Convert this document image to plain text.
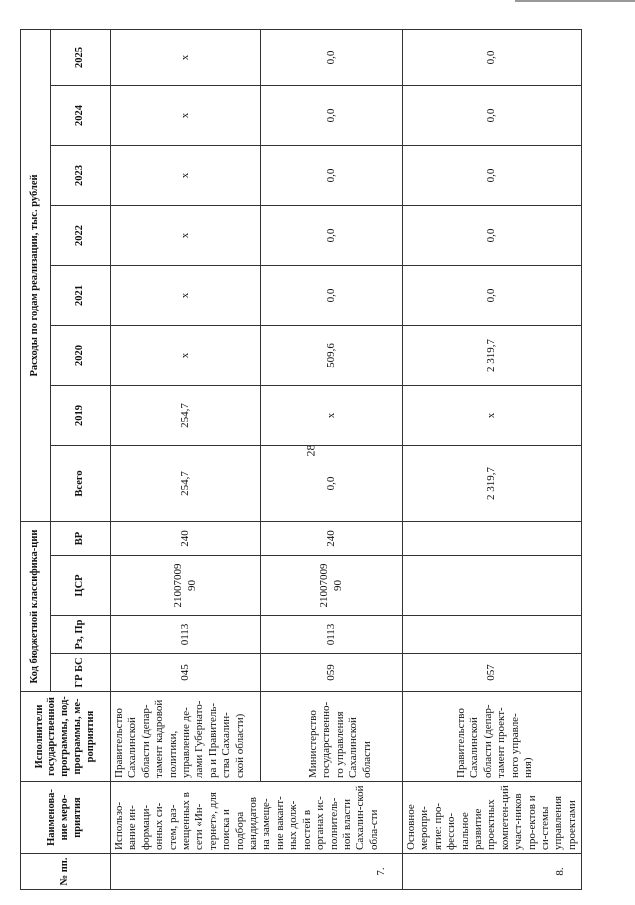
28
№ пп.	Наименова-ние меро-приятия	Исполнители государственной программы, под-программы, ме-роприятия	Код бюджетной классифика-ции				Расходы по годам реализации, тыс. рублей							
			ГР БС	Рз, Пр	ЦСР	ВР	Всего	2019	2020	2021	2022	2023	2024	2025
7.	Использо-вание ин-формаци-онных си-стем, раз-мещенных в сети «Ин-тернет», для поиска и подбора кандидатов на замеще-ние вакант-ных долж-ностей в органах ис-полнитель-ной власти Сахалин-ской обла-сти	Правительство Сахалинской области (депар-тамент кадровой политики, управление де-лами Губернато-ра и Правитель-ства Сахалин-ской области)	045	0113	21007009 90	240	254,7	254,7	х	х	х	х	х	х
		Министерство государственно-го управления Сахалинской области	059	0113	21007009 90	240	0,0	х	509,6	0,0	0,0	0,0	0,0	0,0
8.	Основное меропри-ятие: про-фессио-нальное развитие проектных компетен-ций участ-ников про-ектов и си-стемы управления проектами	Правительство Сахалинской области (депар-тамент проект-ного управле-ния)	057				2 319,7	х	2 319,7	0,0	0,0	0,0	0,0	0,0
